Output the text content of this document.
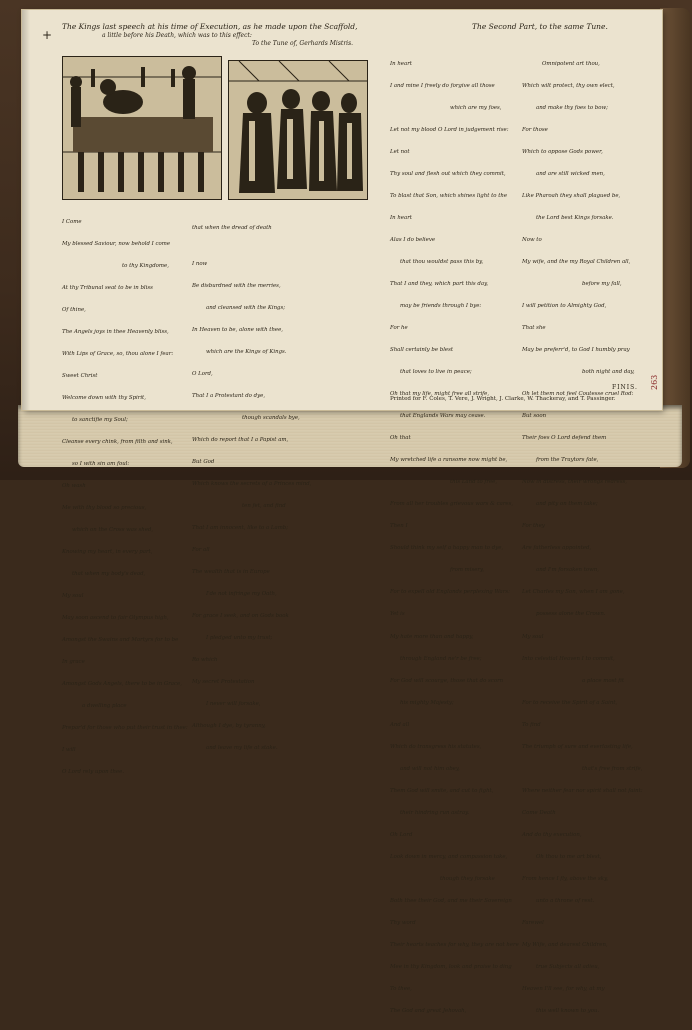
+
The Kings last speech at his time of Execution, as he made upon the Scaffold,	The Second Part, to the same Tune.
a little before his Death, which was to this effect:
To the Tune of, Gerhards Mistris.

I Come

My blessed Saviour, now behold I come

to thy Kingdome,

At thy Tribunal seat to be in bliss

Of thine,

The Angels joys in thee Heavenly bliss,

With Lips of Grace, so, thou alone I fear:

Sweet Christ

Welcome down with thy Spirit,

to sanctifie my Soul;

Cleanse every chink, from filth and sink,

so I with sin am foul:

Oh wash

Me with thy blood so precious,

which on the Cross was shed,

Knowing my heart, in every part,

that when my body's dead,

My soul

May soon ascend to fair Olympus high,

Amongst the Swains and Martyrs for to be

In grace

Amongst Gods Angels, there to be in Grace,

a dwelling place

Prepar'd for those who put their trust in thee:

I will

O Lord rely upon thee.

that when the dread of death

I now

Be disburdned with the merries,

and cleansed with the Kings;

In Heaven to be, alone with thee,

which are the Kings of Kings.

O Lord,

That I a Protestant do dye,

though scandals bye,

Which do report that I a Papist am,

But God

Which knows the secrets of a Princes mind,

ten fet, and find

That I am innocent, like to a Lamb;

For all

The wealth that is in Europe

I'de not infringe my Oath,

For grace I seek, and on Gods book

I pledged unto my trust;

Ro which

My secret Protestation

I never will forsake,

Although I dye, by tyranny,

and leave my life at stake.

In heart

I and mine I freely do forgive all those

which are my foes,

Let not my blood O Lord in judgement rise:

Let not

Thy soul and flesh out which they commit,

To blast that Son, which shines light to the

In heart

Alas I do believe

that thou wouldst pass this by,

That I and they, which part this day,

may be friends through I bye:

For he

Shall certainly be blest

that loves to live in peace;

Oh that my life, might free all strife,

that Englands Wars may cease.

Oh that

My wretched life a ransome now might be,

this Land to free,

From all her troubles grievous wars & cares,

Then I

Should think my self a happy man to dye,

from misery,

For to expell old Englands perplexing Wars:

Yet is

My hate more than and happy,

through England ne'r be free;

For God will scourge, those that do scorn

his mighty Majesty;

And all

Which do transgress his statutes,

and will not him obey,

Them God will smite, and cut to fight,

their hindring run astray.

Oh Lord

Look down in mercy, and compassion take,

though they forsake

Both thee their God, and me their Sovereign

Thy word

Their hearts teaches for why, they are not here

Mee in thy Kingdom, look and praise to ding

To thee,

The God and great Jehovah,

Omnipotent art thou,

Which wilt protect, thy own elect,

and make thy foes to bow;

For those

Which to oppose Gods power,

and are still wicked men,

Like Pharoah they shall plagued be,

the Lord best Kings forsake.

Now to

My wife, and the my Royal Children all,

before my fall,

I will petition to Almighty God,

That she

May be preferr'd, to God I humbly pray

both night and day,

Oh let them not feel Coutesse cruel Rod:

But soon

Their foes O Lord defend them

from the Traytors fate,

Now in distress, their wrongs redress,

and pity on them take;

For they

Are fatherless appointed,

and I'm forsaken town,

Let Charles my Son, when I am gone,

possess alone the Crown.

My soul

Into celestial Heaven I to commit,

a place most fit

For to receive the Spirit of a Saint,

To find

The triumph of sure and everlasting life,

that's free from strife,

Where neither fear nor spirit shall not faint:

Come Death

And do thy execution,

Oh thou to me art blest,

From hence I fly, above the sky,

unto a throne of rest.

Farewel

My Wife, and dearest Children,

true Subjects all adieu,

Heaven I'll see, for why, at my

this well known to you.

Printed for F. Coles, T. Vere, J. Wright, J. Clarke, W. Thackeray, and T. Passinger.
FINIS. 263
